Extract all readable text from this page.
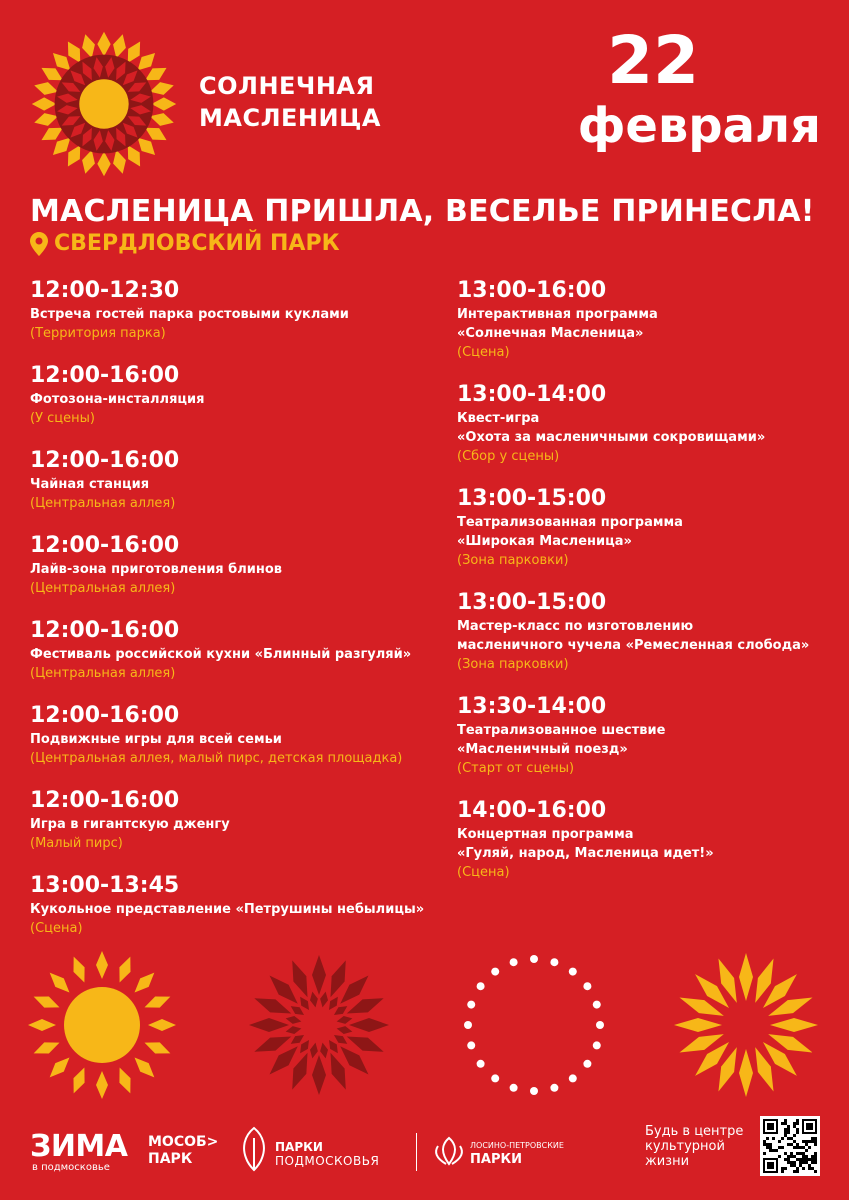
СОЛНЕЧНАЯ
МАСЛЕНИЦА
22
февраля
МАСЛЕНИЦА ПРИШЛА, ВЕСЕЛЬЕ ПРИНЕСЛА!
СВЕРДЛОВСКИЙ ПАРК
12:00-12:30
Встреча гостей парка ростовыми куклами
(Территория парка)
12:00-16:00
Фотозона-инсталляция
(У сцены)
12:00-16:00
Чайная станция
(Центральная аллея)
12:00-16:00
Лайв-зона приготовления блинов
(Центральная аллея)
12:00-16:00
Фестиваль российской кухни «Блинный разгуляй»
(Центральная аллея)
12:00-16:00
Подвижные игры для всей семьи
(Центральная аллея, малый пирс, детская площадка)
12:00-16:00
Игра в гигантскую дженгу
(Малый пирс)
13:00-13:45
Кукольное представление «Петрушины небылицы»
(Сцена)
13:00-16:00
Интерактивная программа
«Солнечная Масленица»
(Сцена)
13:00-14:00
Квест-игра
«Охота за масленичными сокровищами»
(Сбор у сцены)
13:00-15:00
Театрализованная программа
«Широкая Масленица»
(Зона парковки)
13:00-15:00
Мастер-класс по изготовлению
масленичного чучела «Ремесленная слобода»
(Зона парковки)
13:30-14:00
Театрализованное шествие
«Масленичный поезд»
(Старт от сцены)
14:00-16:00
Концертная программа
«Гуляй, народ, Масленица идет!»
(Сцена)
ЗИМА
в подмосковье
МОСОБ>
ПАРК
ПАРКИ
ПОДМОСКОВЬЯ
ЛОСИНО-ПЕТРОВСКИЕ
ПАРКИ
Будь в центре
культурной
жизни
